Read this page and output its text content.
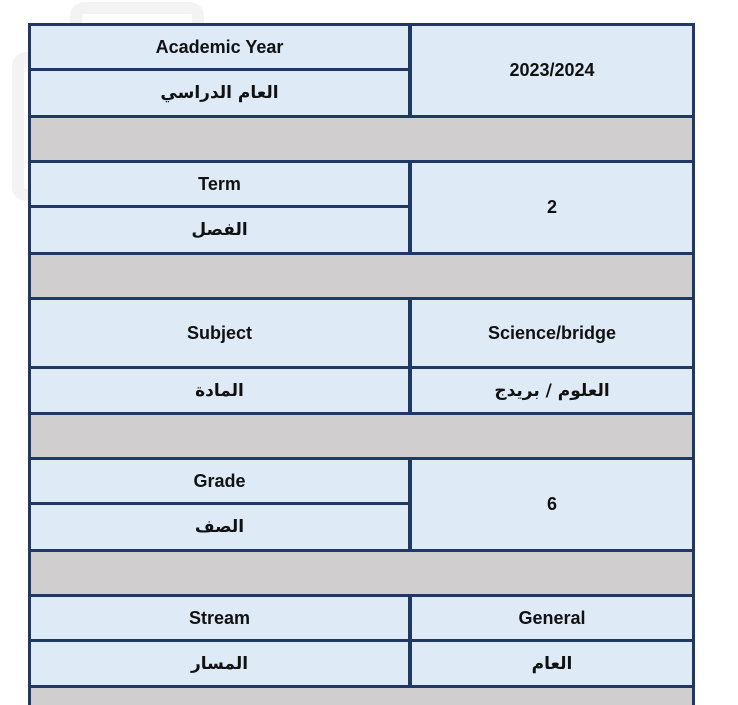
Academic Year
العام الدراسي
2023/2024
Term
الفصل
2
Subject	Science/bridge
المادة	العلوم / بريدج
Grade
الصف
6
Stream	General
المسار	العام
